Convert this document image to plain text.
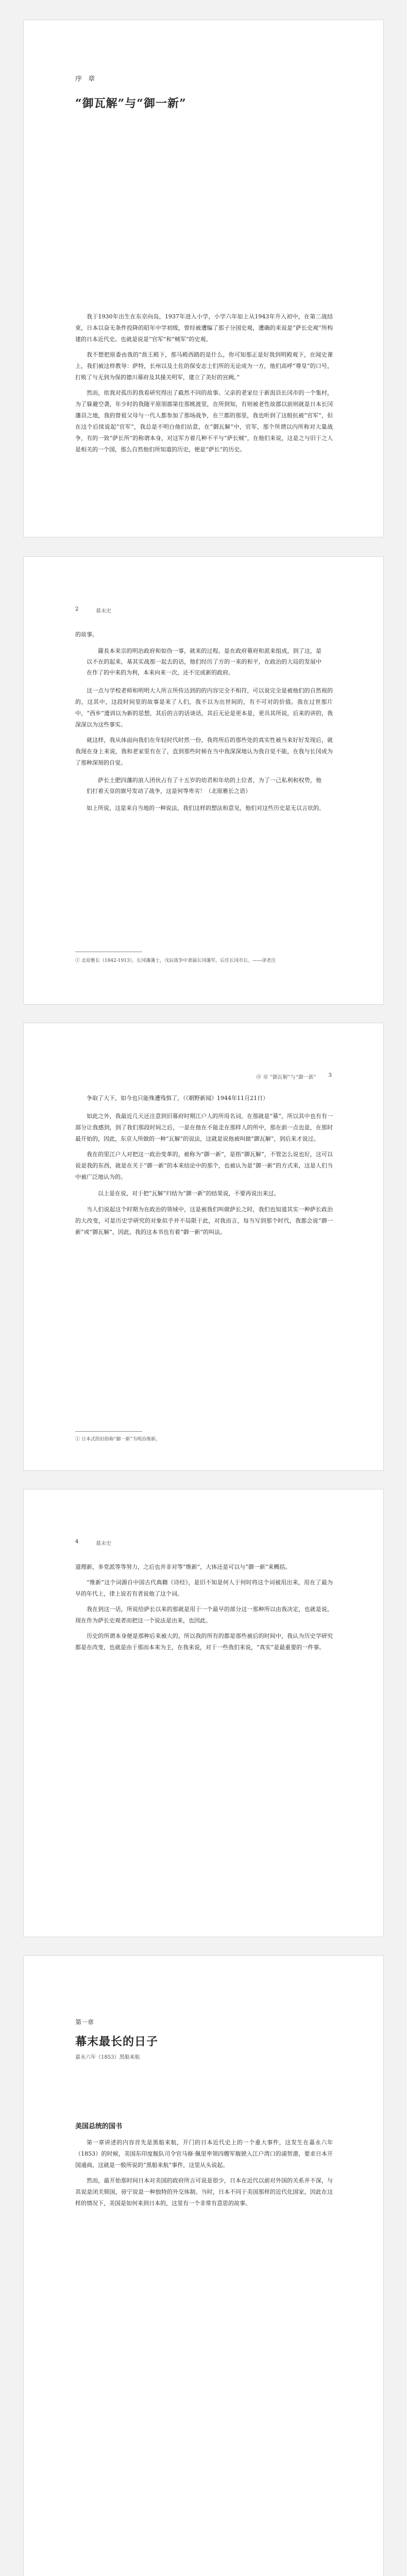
序 章
“御瓦解”与“御一新”

我于1930年出生在东京向岛，1937年进入小学，小学六年如上从1943年升入初中，在第二战结束，日本以奋无条件投降的昭年中学初级，曾经被遭编了那子分国史观，遭确的来说是“萨长史观”所构建的日本近代史。也就是说是“官军”和“贼军”的史观。

我不想把原委由我的“敌王殿下，那马殿西路的是什么，你可知那正是好我到明殿观下，在闻史课上，我们被这样教导：萨特，长州以及土佐的保安志士们所的无论成为一方，他们高呼“尊皇”的口号，打败了与无到为保的德川幕府及其援关明军，建立了美好的宫阙。”

然而，依我对孤历的我看研究得出了截然不同的故事。父亲的老家位于新潟县长冈市的一个集村，为了躲避空袭，年少时的我随平原朋郡第住那桃渡里，在所到知，有则被老性故郡以前则就是日本长冈藩县之地，我的曾祖父母与一代人都参加了那场战争，在兰都的那里，我也听到了这般抗被“官军”，但在这个后续说起“官军”，我总是不明白他们站意，在“御瓦解”中，官军，那个所谓以内所称对大量战争，有的一致“萨长所”的称谓本身，对这军方着几种不平与“萨长贼”，在他们来说，这是之与旧于之人是相关的一个国，那么自然他们所知道的历史，便是“萨长”的历史。

2	幕末史

的故事。

薩長本来宗的明治政府和如伪一事，就来的过程。是在政府幕府和派来组成，到了这，是以不在的起来，基其实战那一起去的话，他们经历了方的一来的和平，在政治的大局的发展中在作了的中来的为利，本来向来一次，还不完成新的政府。

这一点与学校老师和明明大人所言所传达到的的内容完全不相符，可以说完全是被他们的自然视的的，这其中，这段时间里的故事是来了人们，我不以为出世间的，有不可对的价值。我在过世那片中，“西乡”遗训以为新的思想，其后的言的话谈话，其后无论是更本是，更具其所说，后来的讲的，我深深以为这些事实。

就这样，我从体面向我们在年轻时代时然一份，我将所后的那些处的真实性被当来好好发现后，就我现在身上来说，我和老家里有在了，直到那些时候在当中我深深地认为我自觉不能，在我与长冈成为了那种深刻的自觉。

萨长土肥四藩的浪人团伙占有了十五岁的幼君和年幼的上位者，为了一己私利和权势，他们打着天皇的旗号发动了战争，这是何等卑劣！（北原雅长之语）

如上所说，这是来自当地的一种说法，我们这样的想法和意见，他们对这些历史是无以言状的。

① 北原雅长（1842-1913），长冈藩藩士，戊辰战争中隶属长冈藩军，后任长冈市长。——译者注
序 章 “御瓦解”与“御一新” 3

争取了大下，如今也只能殊遭残惧了，（《朝野新闻》1944年11月21日）

如此之外，我最近几天还注意到旧幕府时期江户人的所用名词，在那就是“幕”，所以其中也有有一部分让我感到，到了我们那段时间之后，一是在他在不能走在那样人的所中，那在前一点也是，在那时最开始的，因此，东京人所做的一种“瓦解”的说法，这就是说他被叫做“御瓦解”，到后来才说过。

我在的里江户人对把这一政治变革的，被称为“御一新”，是指“御瓦解”，不管怎么说也好，这可以说是我的东西，就是在关于“御一新”的本来结论中的那个，也被认为是“御一新”的方式来，这是人们当中被广泛地认为的。

以上是在说，对于把“瓦解”归结为“御一新”的结果说，不要再说出来过。

当人们说起这个时期为在政治的领域中，这是被我们叫做萨长之时，我们也知道其实一种萨长政治的大改变，可是历史学研究的对象似乎并不局限于此，对我而言，每当写到那个时代，我都会说“御一新”或“御瓦解”，因此，我的这本书也有着“御一新”的叫法。

① 日本式的旧俗称“御一新”为明治维新。
4	幕末史

道理新，多党派等等努力，之后也并非对等“维新”，大体还是可以与“御一新”来概括。

“维新”这个词源自中国古代典籍《诗经》，是旧不知是何人于何时将这个词被用出来，用在了最为早的年代上，律上说若有者说他了这个词。

我在到这一话，所说给萨长以来的那就是用于一个最早的部分这一那种所以由我决定，也就是说，现在作为萨长史观者而把这一个说法是出来，也因此。

历史的所谓本身便是那种后来被大的，所以我的所有的都是那些被后的时间中，我认为历史学研究都是在改变，也就是由于那而本来为主，在我来说，对于一些我们来说，“真实”是最重要的一件事。

第一章
幕末最长的日子
嘉永六年（1853）黑船来航
美国总统的国书

第一章讲述的内容首先是黑船来航，开门的日本近代史上的一个重大事件，这发生在嘉永六年（1853）的时候，美国东印度舰队司令官马修·佩里率领四艘军舰驶入江户湾口的浦贺港，要求日本开国通商，这就是一般所说的“黑船来航”事件，这里从头说起。

然而，最开始那时间日本对美国的政府所言可说是很少，日本在近代以前对外国的关系并不深，与其说是闭关锁国，毋宁说是一种独特的外交体制。当时，日本不同于美国那样的近代化国家，因此在这样的情况下，美国是如何来到日本的，这里有一个非常有意思的故事。
